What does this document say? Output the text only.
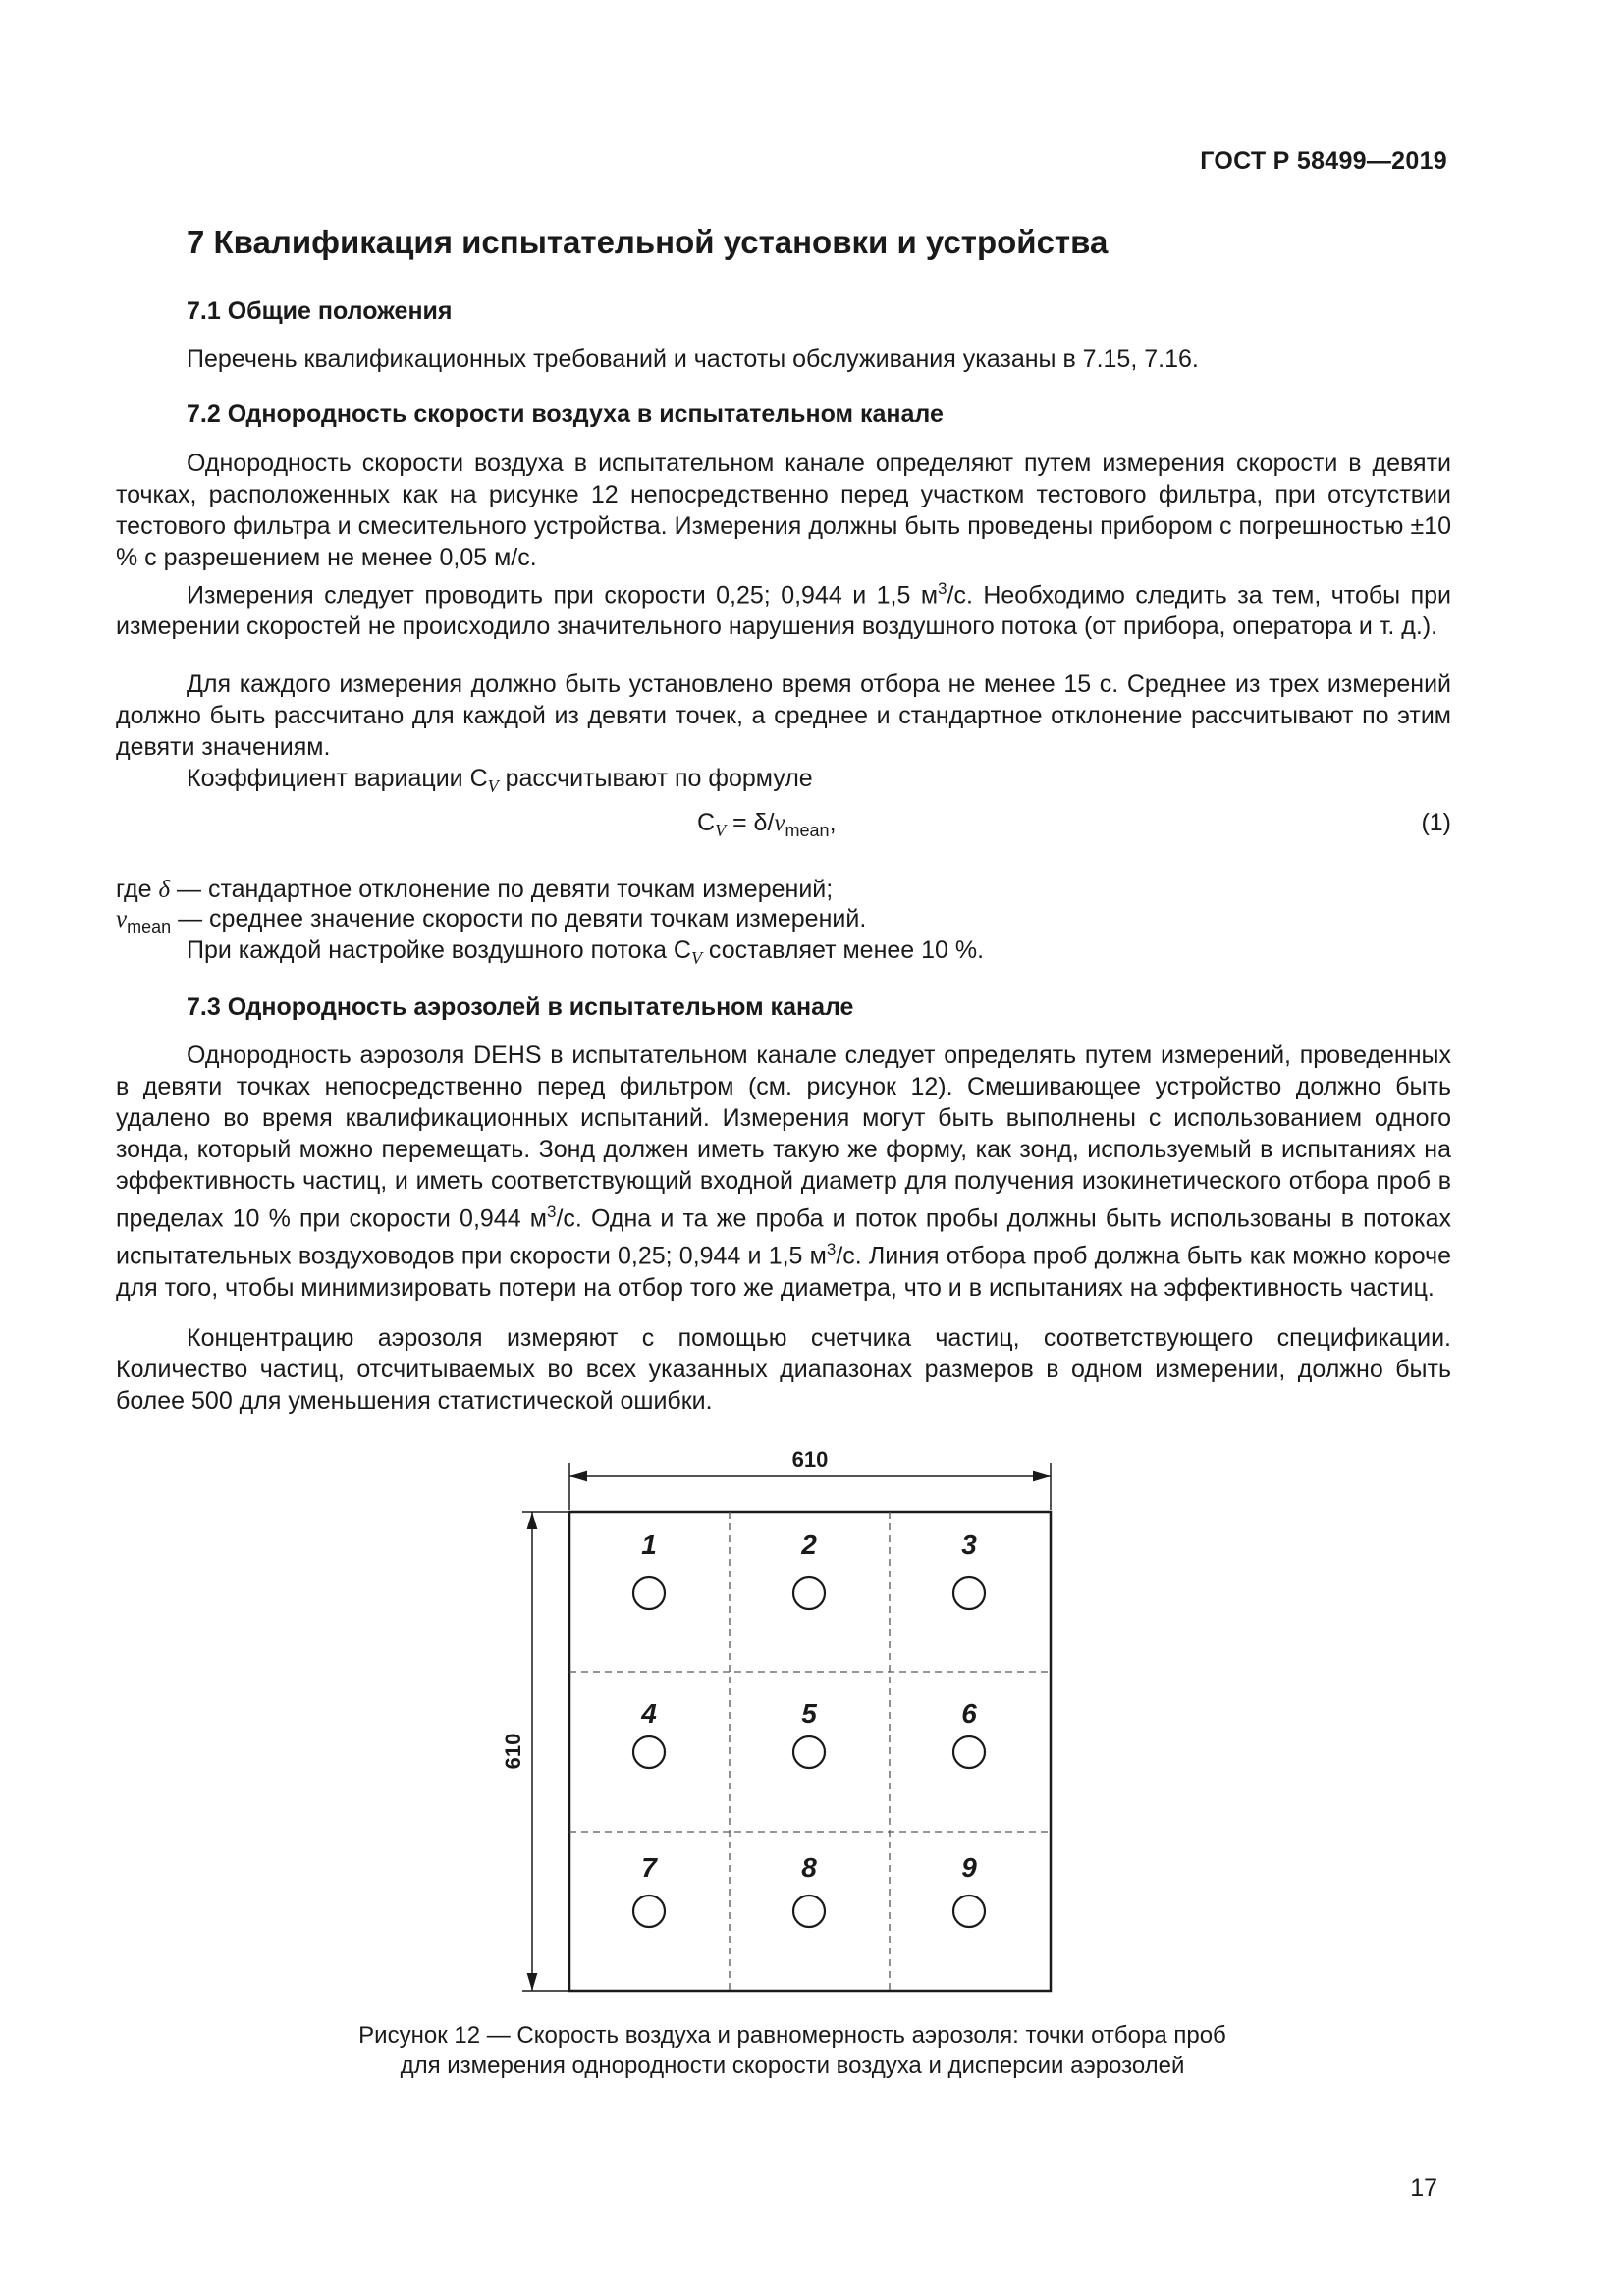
ГОСТ Р 58499—2019
7 Квалификация испытательной установки и устройства
7.1 Общие положения

Перечень квалификационных требований и частоты обслуживания указаны в 7.15, 7.16.

7.2 Однородность скорости воздуха в испытательном канале

Однородность скорости воздуха в испытательном канале определяют путем измерения скорости в девяти точках, расположенных как на рисунке 12 непосредственно перед участком тестового фильтра, при отсутствии тестового фильтра и смесительного устройства. Измерения должны быть проведены прибором с погрешностью ±10 % с разрешением не менее 0,05 м/с.

Измерения следует проводить при скорости 0,25; 0,944 и 1,5 $м^3/с$. Необходимо следить за тем, чтобы при измерении скоростей не происходило значительного нарушения воздушного потока (от прибора, оператора и т. д.).

Для каждого измерения должно быть установлено время отбора не менее 15 с. Среднее из трех измерений должно быть рассчитано для каждой из девяти точек, а среднее и стандартное отклонение рассчитывают по этим девяти значениям.

Коэффициент вариации $C_V$ рассчитывают по формуле

$C_V = \delta/v_{mean}$,	(1)
где δ — стандартное отклонение по девяти точкам измерений;
$v_{mean}$ — среднее значение скорости по девяти точкам измерений.

При каждой настройке воздушного потока $C_V$ составляет менее 10 %.

7.3 Однородность аэрозолей в испытательном канале

Однородность аэрозоля DEHS в испытательном канале следует определять путем измерений, проведенных в девяти точках непосредственно перед фильтром (см. рисунок 12). Смешивающее устройство должно быть удалено во время квалификационных испытаний. Измерения могут быть выполнены с использованием одного зонда, который можно перемещать. Зонд должен иметь такую же форму, как зонд, используемый в испытаниях на эффективность частиц, и иметь соответствующий входной диаметр для получения изокинетического отбора проб в пределах 10 % при скорости 0,944 $м^3/с$. Одна и та же проба и поток пробы должны быть использованы в потоках испытательных воздуховодов при скорости 0,25; 0,944 и 1,5 $м^3/с$. Линия отбора проб должна быть как можно короче для того, чтобы минимизировать потери на отбор того же диаметра, что и в испытаниях на эффективность частиц.

Концентрацию аэрозоля измеряют с помощью счетчика частиц, соответствующего спецификации. Количество частиц, отсчитываемых во всех указанных диапазонах размеров в одном измерении, должно быть более 500 для уменьшения статистической ошибки.

610
610
1	2	3
4	5	6
7	8	9
Рисунок 12 — Скорость воздуха и равномерность аэрозоля: точки отбора проб
для измерения однородности скорости воздуха и дисперсии аэрозолей
17
